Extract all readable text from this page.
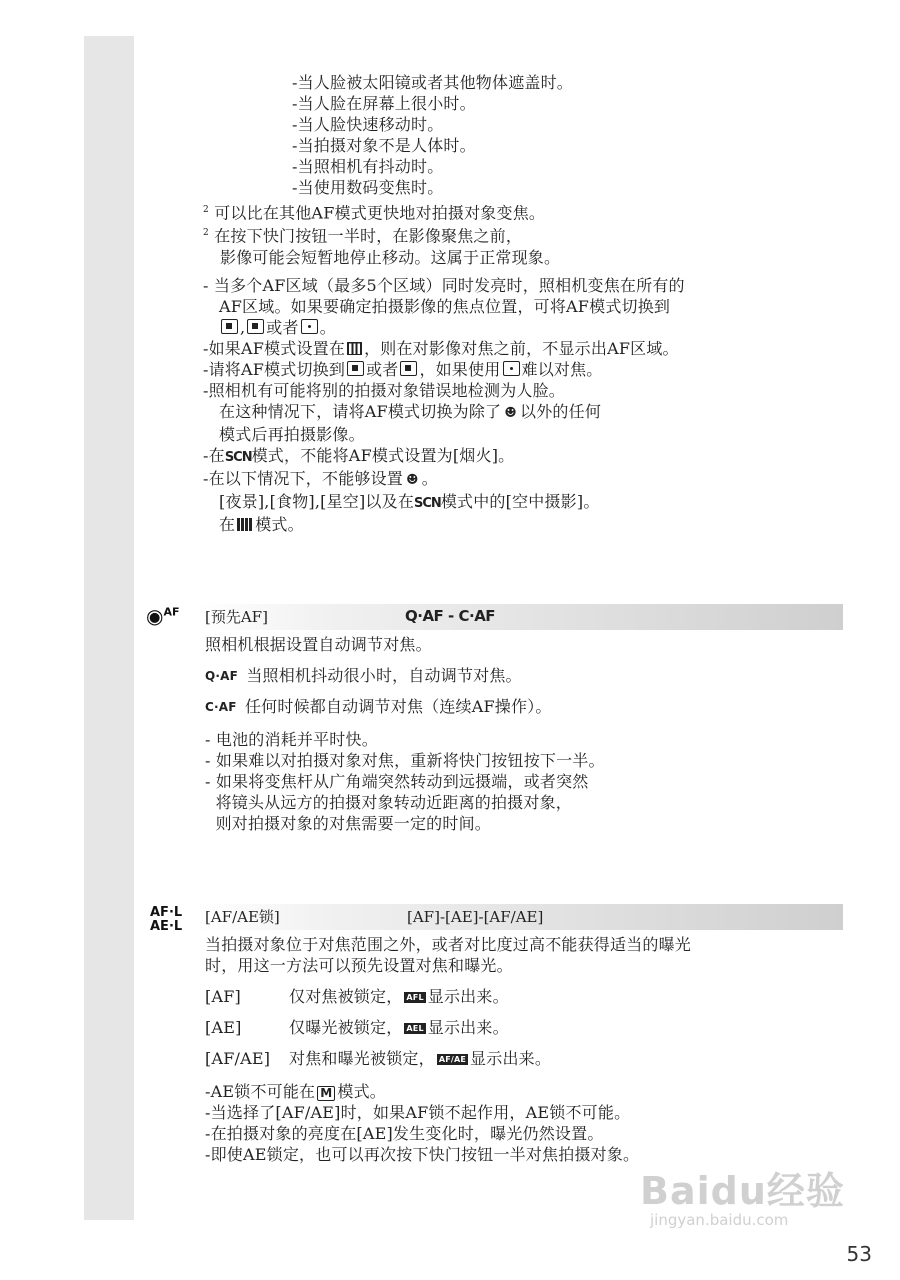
-当人脸被太阳镜或者其他物体遮盖时。
-当人脸在屏幕上很小时。
-当人脸快速移动时。
-当拍摄对象不是人体时。
-当照相机有抖动时。
-当使用数码变焦时。
$^2$ 可以比在其他AF模式更快地对拍摄对象变焦。
$^2$ 在按下快门按钮一半时，在影像聚焦之前，
影像可能会短暂地停止移动。这属于正常现象。
- 当多个AF区域（最多5个区域）同时发亮时，照相机变焦在所有的
AF区域。如果要确定拍摄影像的焦点位置，可将AF模式切换到
, 或者 。
-如果AF模式设置在 ，则在对影像对焦之前，不显示出AF区域。
-请将AF模式切换到 或者 ，如果使用 难以对焦。
-照相机有可能将别的拍摄对象错误地检测为人脸。
在这种情况下，请将AF模式切换为除了 ☻ 以外的任何
模式后再拍摄影像。
-在SCN模式，不能将AF模式设置为[烟火]。
-在以下情况下，不能够设置 ☻ 。
[夜景],[食物],[星空]以及在SCN模式中的[空中摄影]。
在 模式。
◉$^{AF}$ [预先AF]	Q·AF - C·AF
照相机根据设置自动调节对焦。
Q·AF 当照相机抖动很小时，自动调节对焦。
C·AF 任何时候都自动调节对焦（连续AF操作）。
- 电池的消耗并平时快。
- 如果难以对拍摄对象对焦，重新将快门按钮按下一半。
- 如果将变焦杆从广角端突然转动到远摄端，或者突然
将镜头从远方的拍摄对象转动近距离的拍摄对象，
则对拍摄对象的对焦需要一定的时间。
AF·L
AE·L
[AF/AE锁]	[AF]-[AE]-[AF/AE]
当拍摄对象位于对焦范围之外，或者对比度过高不能获得适当的曝光
时，用这一方法可以预先设置对焦和曝光。
[AF]	仅对焦被锁定， AFL 显示出来。
[AE]	仅曝光被锁定， AEL 显示出来。
[AF/AE] 对焦和曝光被锁定， AF/AE 显示出来。
-AE锁不可能在 M 模式。
-当选择了[AF/AE]时，如果AF锁不起作用，AE锁不可能。
-在拍摄对象的亮度在[AE]发生变化时，曝光仍然设置。
-即使AE锁定，也可以再次按下快门按钮一半对焦拍摄对象。
Baidu经验
jingyan.baidu.com
53
